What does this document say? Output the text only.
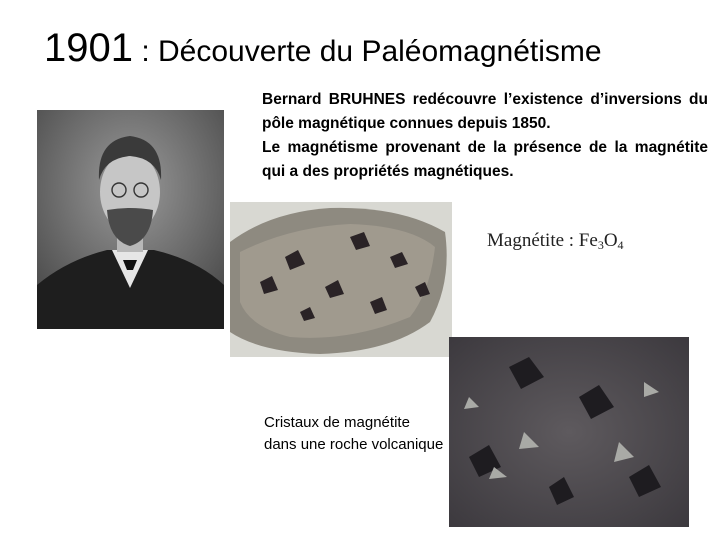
1901 : Découverte du Paléomagnétisme

Bernard BRUHNES redécouvre l’existence d’inversions du pôle magnétique connues depuis 1850.

Le magnétisme provenant de la présence de la magnétite qui a des propriétés magnétiques.

Magnétite : $Fe_3O_4$
Cristaux de magnétite dans une roche volcanique
